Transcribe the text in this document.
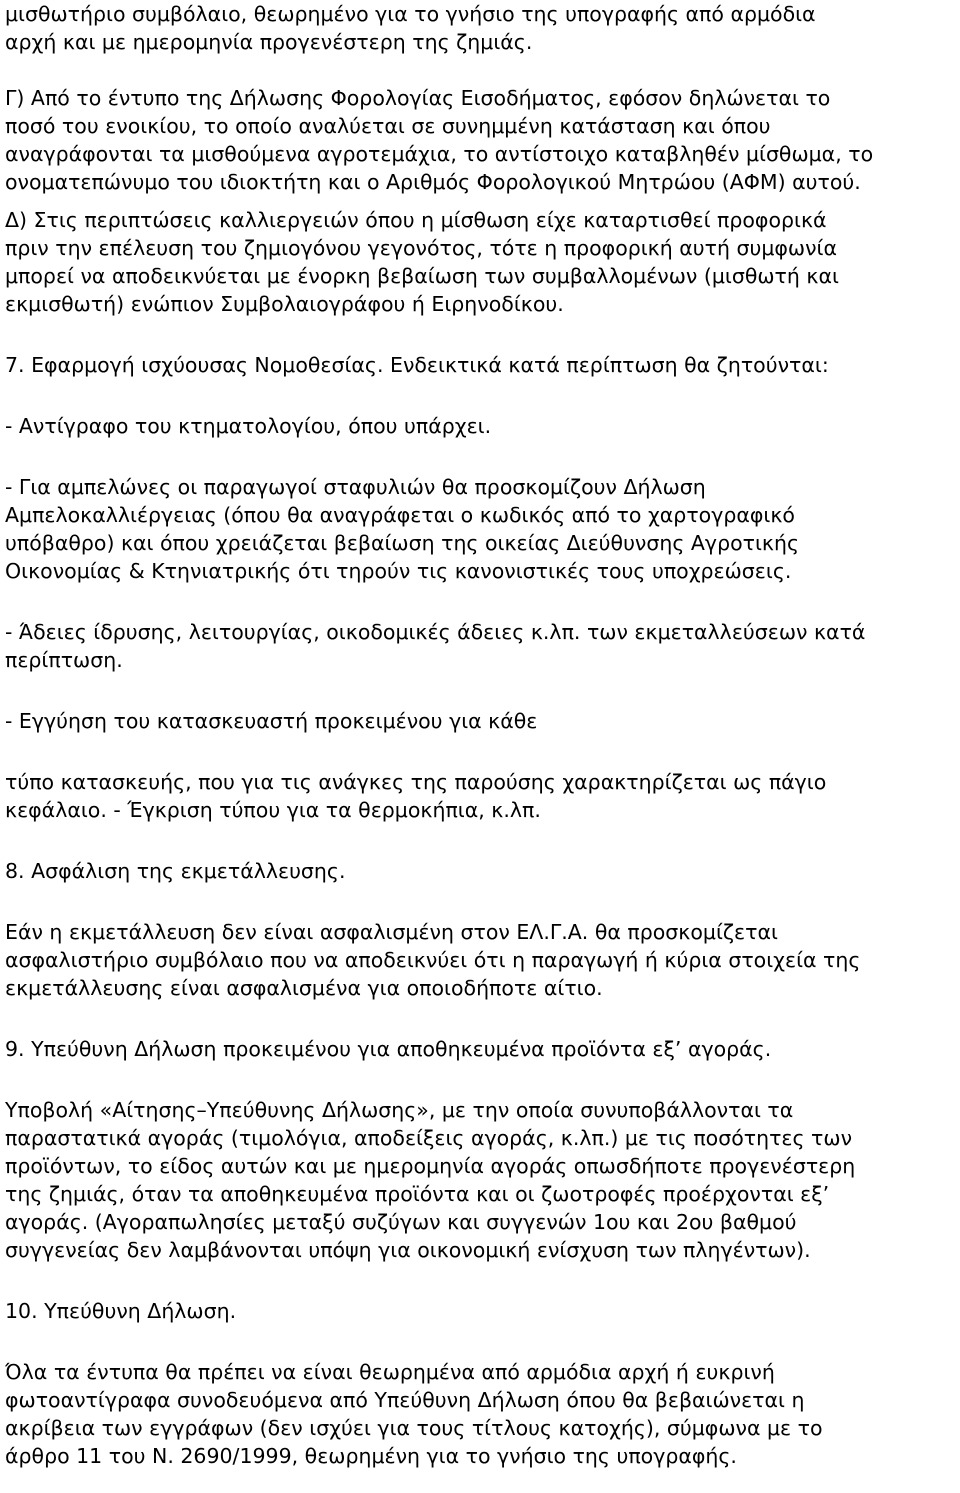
μισθωτήριο συμβόλαιο, θεωρημένο για το γνήσιο της υπογραφής από αρμόδια
αρχή και με ημερομηνία προγενέστερη της ζημιάς.
Γ) Από το έντυπο της Δήλωσης Φορολογίας Εισοδήματος, εφόσον δηλώνεται το
ποσό του ενοικίου, το οποίο αναλύεται σε συνημμένη κατάσταση και όπου
αναγράφονται τα μισθούμενα αγροτεμάχια, το αντίστοιχο καταβληθέν μίσθωμα, το
ονοματεπώνυμο του ιδιοκτήτη και ο Αριθμός Φορολογικού Μητρώου (ΑΦΜ) αυτού.
Δ) Στις περιπτώσεις καλλιεργειών όπου η μίσθωση είχε καταρτισθεί προφορικά
πριν την επέλευση του ζημιογόνου γεγονότος, τότε η προφορική αυτή συμφωνία
μπορεί να αποδεικνύεται με ένορκη βεβαίωση των συμβαλλομένων (μισθωτή και
εκμισθωτή) ενώπιον Συμβολαιογράφου ή Ειρηνοδίκου.
7. Εφαρμογή ισχύουσας Νομοθεσίας. Ενδεικτικά κατά περίπτωση θα ζητούνται:
- Αντίγραφο του κτηματολογίου, όπου υπάρχει.
- Για αμπελώνες οι παραγωγοί σταφυλιών θα προσκομίζουν Δήλωση
Αμπελοκαλλιέργειας (όπου θα αναγράφεται ο κωδικός από το χαρτογραφικό
υπόβαθρο) και όπου χρειάζεται βεβαίωση της οικείας Διεύθυνσης Αγροτικής
Οικονομίας & Κτηνιατρικής ότι τηρούν τις κανονιστικές τους υποχρεώσεις.
- Άδειες ίδρυσης, λειτουργίας, οικοδομικές άδειες κ.λπ. των εκμεταλλεύσεων κατά
περίπτωση.
- Εγγύηση του κατασκευαστή προκειμένου για κάθε
τύπο κατασκευής, που για τις ανάγκες της παρούσης χαρακτηρίζεται ως πάγιο
κεφάλαιο. - Έγκριση τύπου για τα θερμοκήπια, κ.λπ.
8. Ασφάλιση της εκμετάλλευσης.
Εάν η εκμετάλλευση δεν είναι ασφαλισμένη στον ΕΛ.Γ.Α. θα προσκομίζεται
ασφαλιστήριο συμβόλαιο που να αποδεικνύει ότι η παραγωγή ή κύρια στοιχεία της
εκμετάλλευσης είναι ασφαλισμένα για οποιοδήποτε αίτιο.
9. Υπεύθυνη Δήλωση προκειμένου για αποθηκευμένα προϊόντα εξ’ αγοράς.
Υποβολή «Αίτησης–Υπεύθυνης Δήλωσης», με την οποία συνυποβάλλονται τα
παραστατικά αγοράς (τιμολόγια, αποδείξεις αγοράς, κ.λπ.) με τις ποσότητες των
προϊόντων, το είδος αυτών και με ημερομηνία αγοράς οπωσδήποτε προγενέστερη
της ζημιάς, όταν τα αποθηκευμένα προϊόντα και οι ζωοτροφές προέρχονται εξ’
αγοράς. (Αγοραπωλησίες μεταξύ συζύγων και συγγενών 1ου και 2ου βαθμού
συγγενείας δεν λαμβάνονται υπόψη για οικονομική ενίσχυση των πληγέντων).
10. Υπεύθυνη Δήλωση.
Όλα τα έντυπα θα πρέπει να είναι θεωρημένα από αρμόδια αρχή ή ευκρινή
φωτοαντίγραφα συνοδευόμενα από Υπεύθυνη Δήλωση όπου θα βεβαιώνεται η
ακρίβεια των εγγράφων (δεν ισχύει για τους τίτλους κατοχής), σύμφωνα με το
άρθρο 11 του Ν. 2690/1999, θεωρημένη για το γνήσιο της υπογραφής.
